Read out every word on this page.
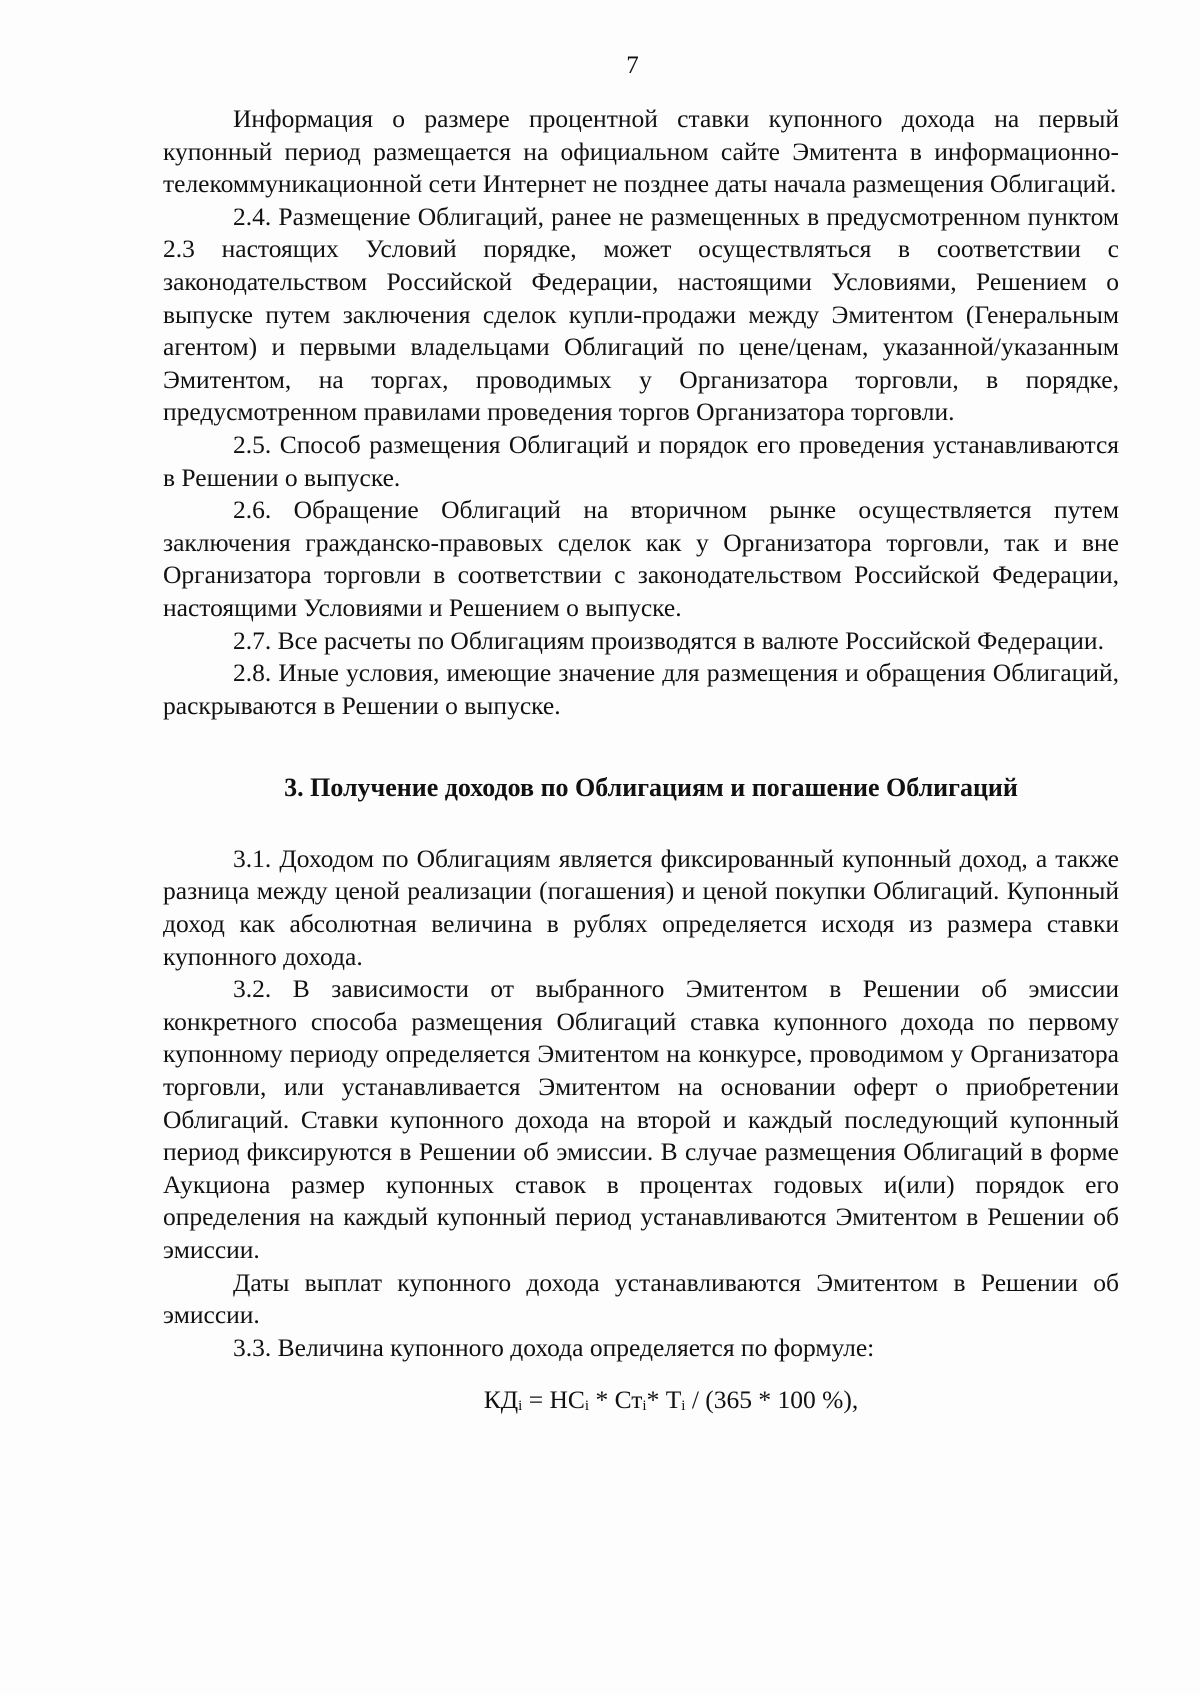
7

Информация о размере процентной ставки купонного дохода на первый купонный период размещается на официальном сайте Эмитента в информационно-телекоммуникационной сети Интернет не позднее даты начала размещения Облигаций.

2.4. Размещение Облигаций, ранее не размещенных в предусмотренном пунктом 2.3 настоящих Условий порядке, может осуществляться в соответствии с законодательством Российской Федерации, настоящими Условиями, Решением о выпуске путем заключения сделок купли-продажи между Эмитентом (Генеральным агентом) и первыми владельцами Облигаций по цене/ценам, указанной/указанным Эмитентом, на торгах, проводимых у Организатора торговли, в порядке, предусмотренном правилами проведения торгов Организатора торговли.

2.5. Способ размещения Облигаций и порядок его проведения устанавливаются в Решении о выпуске.

2.6. Обращение Облигаций на вторичном рынке осуществляется путем заключения гражданско-правовых сделок как у Организатора торговли, так и вне Организатора торговли в соответствии с законодательством Российской Федерации, настоящими Условиями и Решением о выпуске.

2.7. Все расчеты по Облигациям производятся в валюте Российской Федерации.

2.8. Иные условия, имеющие значение для размещения и обращения Облигаций, раскрываются в Решении о выпуске.

3. Получение доходов по Облигациям и погашение Облигаций

3.1. Доходом по Облигациям является фиксированный купонный доход, а также разница между ценой реализации (погашения) и ценой покупки Облигаций. Купонный доход как абсолютная величина в рублях определяется исходя из размера ставки купонного дохода.

3.2. В зависимости от выбранного Эмитентом в Решении об эмиссии конкретного способа размещения Облигаций ставка купонного дохода по первому купонному периоду определяется Эмитентом на конкурсе, проводимом у Организатора торговли, или устанавливается Эмитентом на основании оферт о приобретении Облигаций. Ставки купонного дохода на второй и каждый последующий купонный период фиксируются в Решении об эмиссии. В случае размещения Облигаций в форме Аукциона размер купонных ставок в процентах годовых и(или) порядок его определения на каждый купонный период устанавливаются Эмитентом в Решении об эмиссии.

Даты выплат купонного дохода устанавливаются Эмитентом в Решении об эмиссии.

3.3. Величина купонного дохода определяется по формуле:

$КД_i = НС_i * Ст_i*$ $Т_i / (365 * 100$ %),
